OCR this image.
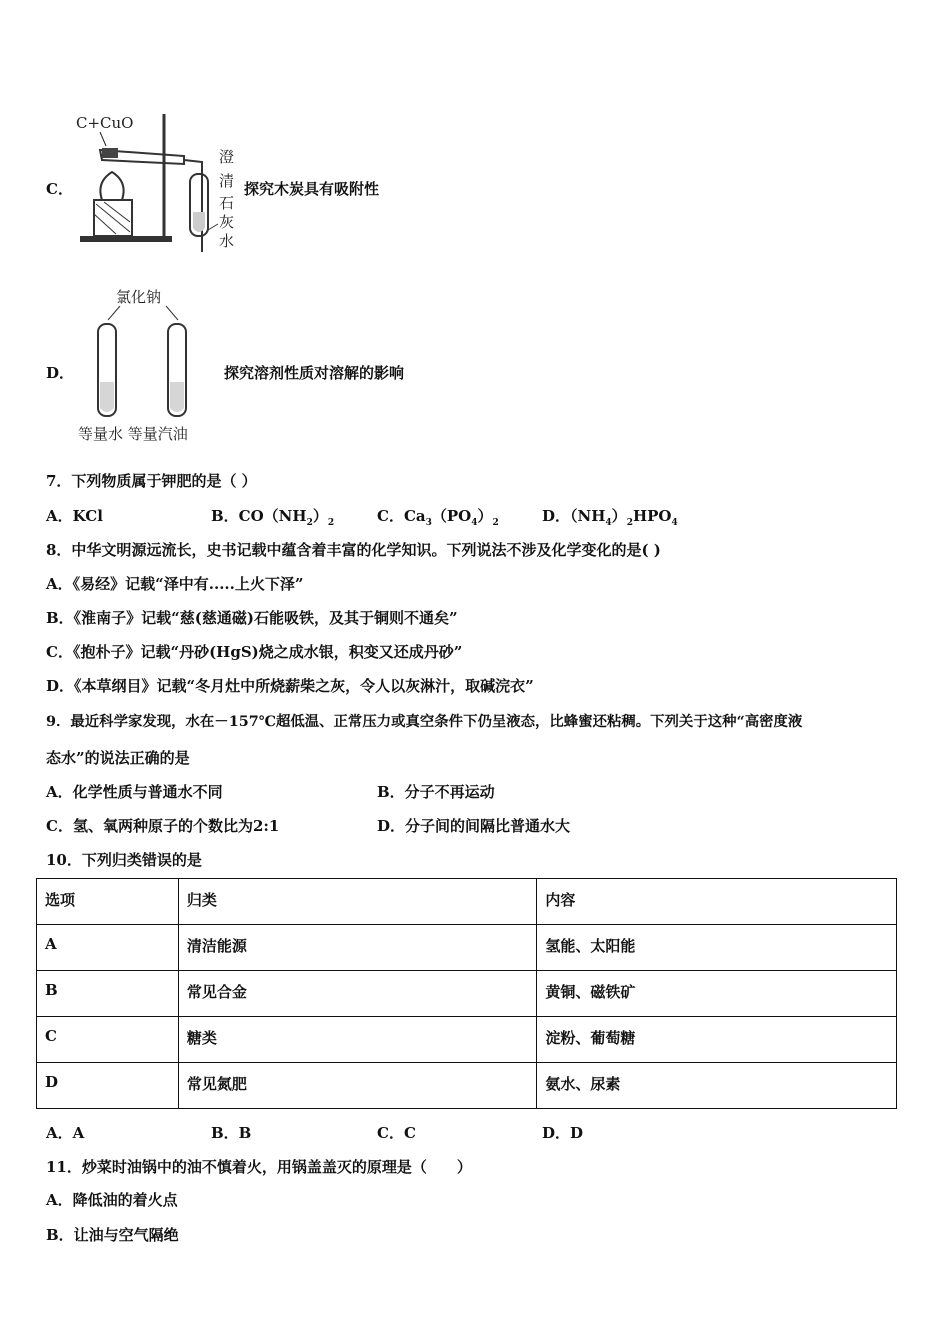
C．
C+CuO
澄
清
石
灰
水
探究木炭具有吸附性
D．
氯化钠
等量水 等量汽油
探究溶剂性质对溶解的影响
7．下列物质属于钾肥的是（ ）
A．KCl	B．$CO(NH_2)_2$	C．$Ca_3(PO_4)_2$	D．$(NH_4)_2HPO_4$
8．中华文明源远流长，史书记载中蕴含着丰富的化学知识。下列说法不涉及化学变化的是( )
A．《易经》记载“泽中有.....上火下泽”
B．《淮南子》记载“慈(慈通磁)石能吸铁，及其于铜则不通矣”
C．《抱朴子》记载“丹砂(HgS)烧之成水银，积变又还成丹砂”
D．《本草纲目》记载“冬月灶中所烧薪柴之灰，令人以灰淋汁，取碱浣衣”
9．最近科学家发现，水在－157℃超低温、正常压力或真空条件下仍呈液态，比蜂蜜还粘稠。下列关于这种“高密度液
态水”的说法正确的是
A．化学性质与普通水不同	B．分子不再运动
C．氢、氧两种原子的个数比为2:1	D．分子间的间隔比普通水大
10．下列归类错误的是
选项	归类	内容
A	清洁能源	氢能、太阳能
B	常见合金	黄铜、磁铁矿
C	糖类	淀粉、葡萄糖
D	常见氮肥	氨水、尿素
A．A	B．B	C．C	D．D
11．炒菜时油锅中的油不慎着火，用锅盖盖灭的原理是（　　）
A．降低油的着火点
B．让油与空气隔绝
